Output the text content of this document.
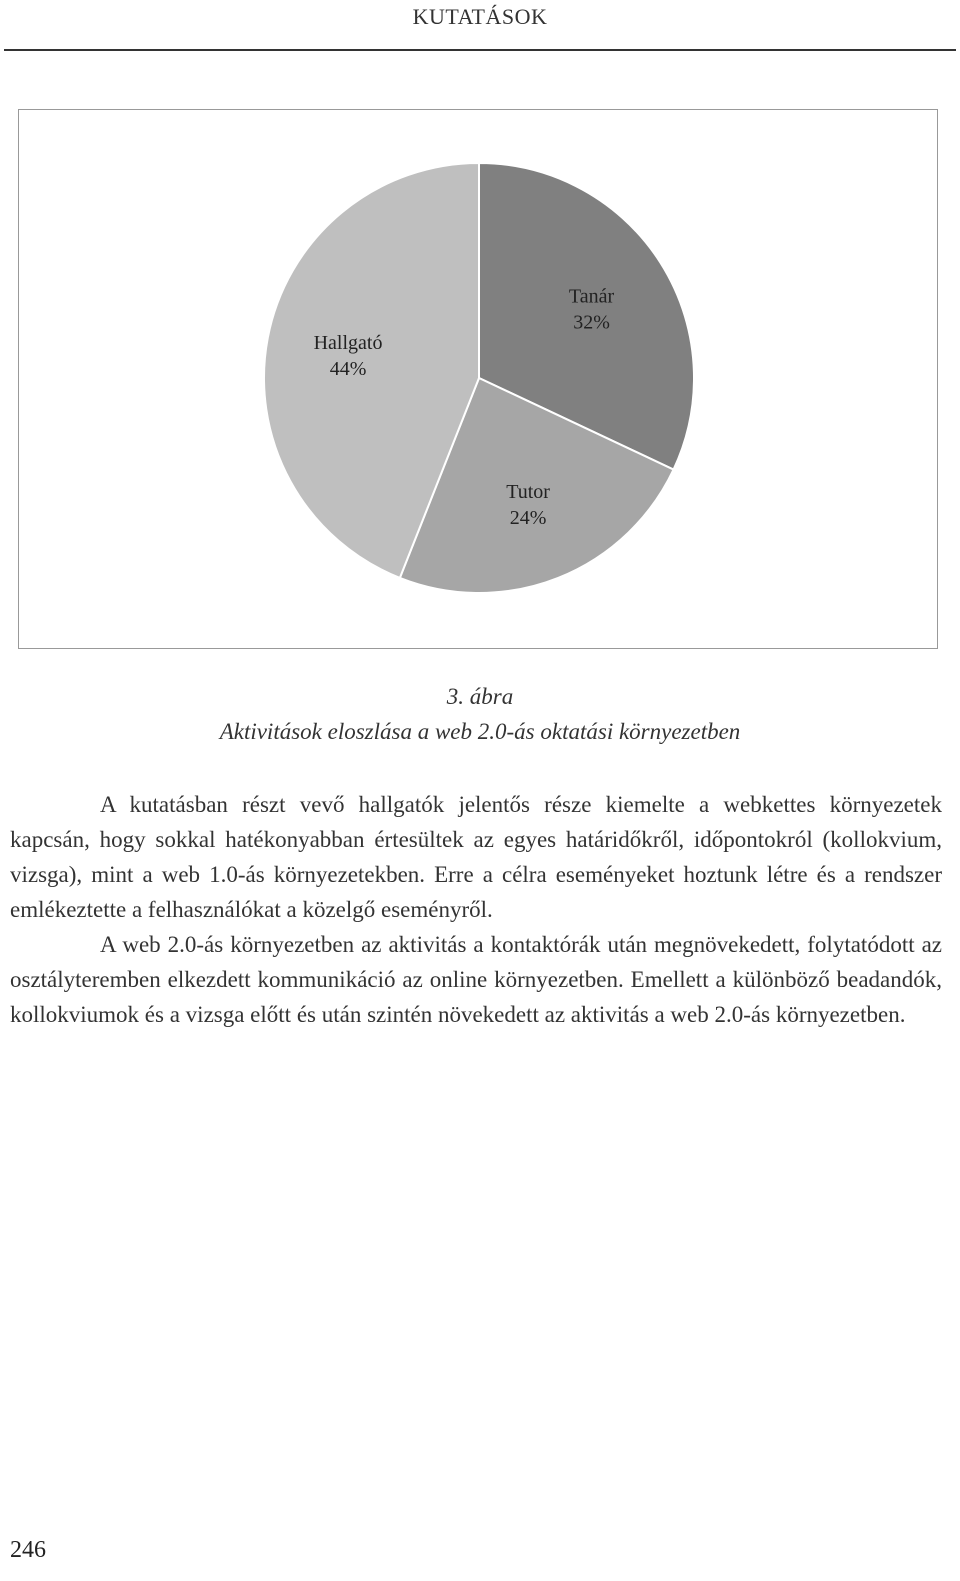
KUTATÁSOK
Tanár
32%
Tutor
24%
Hallgató
44%
3. ábra
Aktivitások eloszlása a web 2.0-ás oktatási környezetben

A kutatásban részt vevő hallgatók jelentős része kiemelte a webkettes környezetek kapcsán, hogy sokkal hatékonyabban értesültek az egyes határidőkről, időpontokról (kollokvium, vizsga), mint a web 1.0-ás környezetekben. Erre a célra eseményeket hoztunk létre és a rendszer emlékeztette a felhasználókat a közelgő eseményről.

A web 2.0-ás környezetben az aktivitás a kontaktórák után megnövekedett, folytatódott az osztályteremben elkezdett kommunikáció az online környezetben. Emellett a különböző beadandók, kollokviumok és a vizsga előtt és után szintén növekedett az aktivitás a web 2.0-ás környezetben.

246
